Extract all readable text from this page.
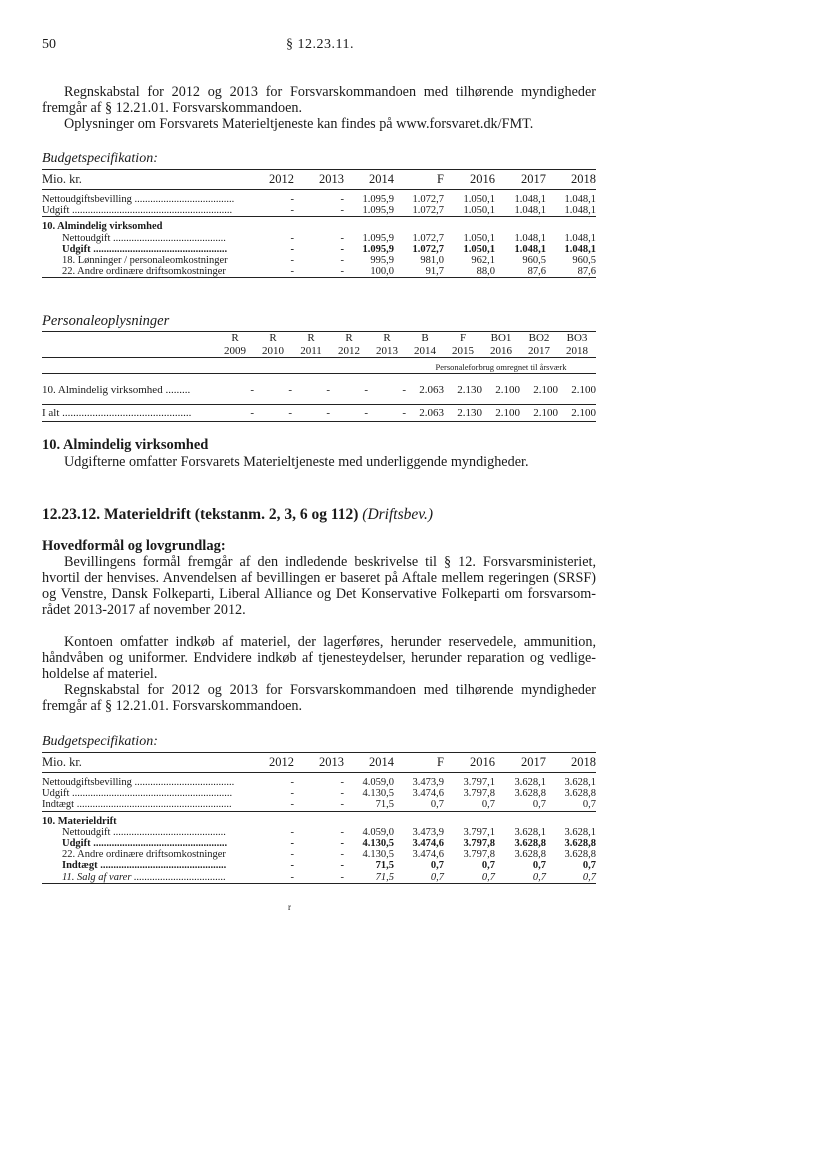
50	§ 12.23.11.

Regnskabstal for 2012 og 2013 for Forsvarskommandoen med tilhørende myndigheder

fremgår af § 12.21.01. Forsvarskommandoen.

Oplysninger om Forsvarets Materieltjeneste kan findes på www.forsvaret.dk/FMT.

Budgetspecifikation:
Mio. kr.	2012	2013	2014	F	2016	2017	2018

Nettoudgiftsbevilling ......................................	-	-	1.095,9	1.072,7	1.050,1	1.048,1	1.048,1
Udgift .............................................................	-	-	1.095,9	1.072,7	1.050,1	1.048,1	1.048,1

10. Almindelig virksomhed							
Nettoudgift ...........................................	-	-	1.095,9	1.072,7	1.050,1	1.048,1	1.048,1
Udgift ...................................................	-	-	1.095,9	1.072,7	1.050,1	1.048,1	1.048,1
18. Lønninger / personaleomkostninger	-	-	995,9	981,0	962,1	960,5	960,5
22. Andre ordinære driftsomkostninger	-	-	100,0	91,7	88,0	87,6	87,6
Personaleoplysninger
	R	R	R	R	R	B	F	BO1	BO2	BO3
	2009	2010	2011	2012	2013	2014	2015	2016	2017	2018
						Personaleforbrug omregnet til årsværk				

10. Almindelig virksomhed .........	-	-	-	-	-	2.063	2.130	2.100	2.100	2.100

I alt ...............................................	-	-	-	-	-	2.063	2.130	2.100	2.100	2.100
10. Almindelig virksomhed

Udgifterne omfatter Forsvarets Materieltjeneste med underliggende myndigheder.

12.23.12. Materieldrift (tekstanm. 2, 3, 6 og 112) (Driftsbev.)
Hovedformål og lovgrundlag:

Bevillingens formål fremgår af den indledende beskrivelse til § 12. Forsvarsministeriet,

hvortil der henvises. Anvendelsen af bevillingen er baseret på Aftale mellem regeringen (SRSF)

og Venstre, Dansk Folkeparti, Liberal Alliance og Det Konservative Folkeparti om forsvarsom-

rådet 2013-2017 af november 2012.

Kontoen omfatter indkøb af materiel, der lagerføres, herunder reservedele, ammunition,

håndvåben og uniformer. Endvidere indkøb af tjenesteydelser, herunder reparation og vedlige-

holdelse af materiel.

Regnskabstal for 2012 og 2013 for Forsvarskommandoen med tilhørende myndigheder

fremgår af § 12.21.01. Forsvarskommandoen.

Budgetspecifikation:
Mio. kr.	2012	2013	2014	F	2016	2017	2018

Nettoudgiftsbevilling ......................................	-	-	4.059,0	3.473,9	3.797,1	3.628,1	3.628,1
Udgift .............................................................	-	-	4.130,5	3.474,6	3.797,8	3.628,8	3.628,8
Indtægt ...........................................................	-	-	71,5	0,7	0,7	0,7	0,7

10. Materieldrift							
Nettoudgift ...........................................	-	-	4.059,0	3.473,9	3.797,1	3.628,1	3.628,1
Udgift ...................................................	-	-	4.130,5	3.474,6	3.797,8	3.628,8	3.628,8
22. Andre ordinære driftsomkostninger	-	-	4.130,5	3.474,6	3.797,8	3.628,8	3.628,8
Indtægt ................................................	-	-	71,5	0,7	0,7	0,7	0,7
11. Salg af varer ...................................	-	-	71,5	0,7	0,7	0,7	0,7
r
